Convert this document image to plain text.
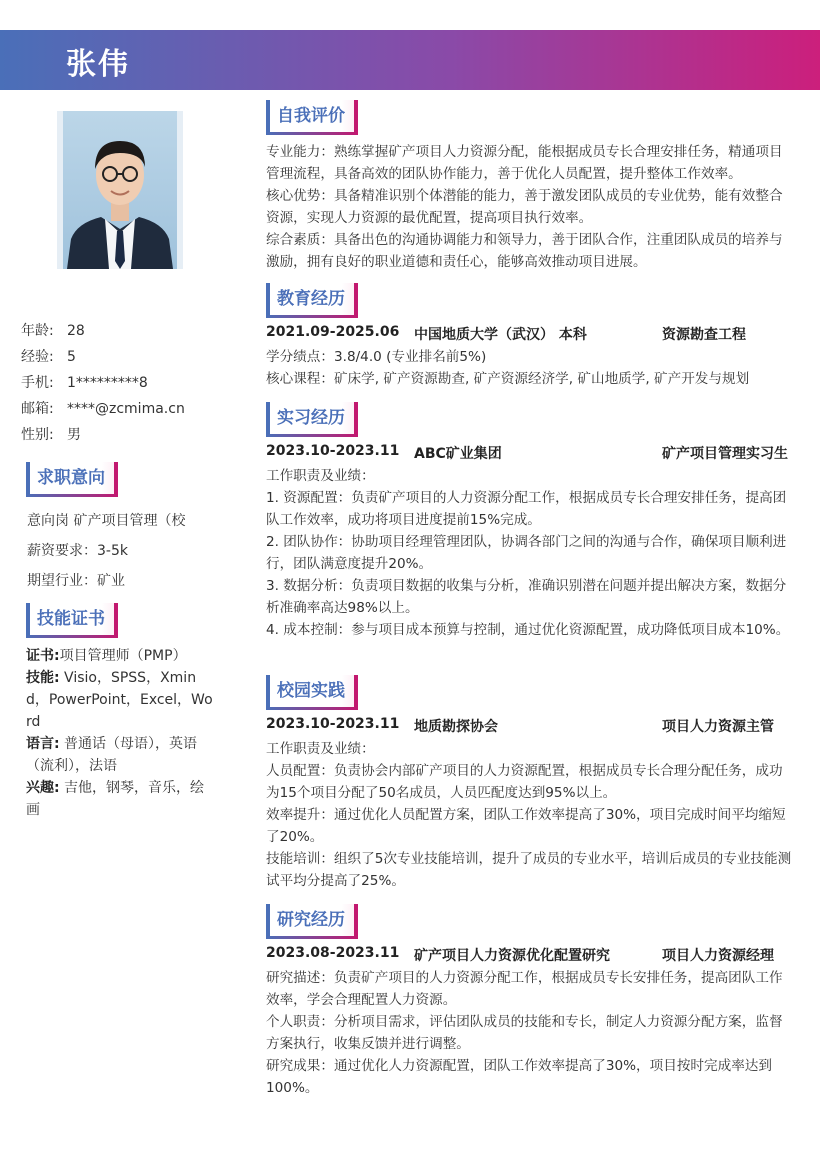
张伟
年龄: 28
经验: 5
手机: 1*********8
邮箱: ****@zcmima.cn
性别: 男
求职意向
意向岗 矿产项目管理（校
薪资要求：3-5k
期望行业：矿业
技能证书

证书:项目管理师（PMP）

技能: Visio，SPSS，Xmind，PowerPoint，Excel，Word

语言: 普通话（母语），英语（流利），法语

兴趣: 吉他，钢琴，音乐，绘画

自我评价

专业能力：熟练掌握矿产项目人力资源分配，能根据成员专长合理安排任务，精通项目管理流程，具备高效的团队协作能力，善于优化人员配置，提升整体工作效率。

核心优势：具备精准识别个体潜能的能力，善于激发团队成员的专业优势，能有效整合资源，实现人力资源的最优配置，提高项目执行效率。

综合素质：具备出色的沟通协调能力和领导力，善于团队合作，注重团队成员的培养与激励，拥有良好的职业道德和责任心，能够高效推动项目进展。

教育经历
2021.09-2025.06 中国地质大学（武汉） 本科	资源勘查工程

学分绩点：3.8/4.0 (专业排名前5%)

核心课程：矿床学, 矿产资源勘查, 矿产资源经济学, 矿山地质学, 矿产开发与规划

实习经历
2023.10-2023.11 ABC矿业集团	矿产项目管理实习生

工作职责及业绩：

1. 资源配置：负责矿产项目的人力资源分配工作，根据成员专长合理安排任务，提高团队工作效率，成功将项目进度提前15%完成。

2. 团队协作：协助项目经理管理团队，协调各部门之间的沟通与合作，确保项目顺利进行，团队满意度提升20%。

3. 数据分析：负责项目数据的收集与分析，准确识别潜在问题并提出解决方案，数据分析准确率高达98%以上。

4. 成本控制：参与项目成本预算与控制，通过优化资源配置，成功降低项目成本10%。

校园实践
2023.10-2023.11 地质勘探协会	项目人力资源主管

工作职责及业绩：

人员配置：负责协会内部矿产项目的人力资源配置，根据成员专长合理分配任务，成功为15个项目分配了50名成员，人员匹配度达到95%以上。

效率提升：通过优化人员配置方案，团队工作效率提高了30%，项目完成时间平均缩短了20%。

技能培训：组织了5次专业技能培训，提升了成员的专业水平，培训后成员的专业技能测试平均分提高了25%。

研究经历
2023.08-2023.11 矿产项目人力资源优化配置研究	项目人力资源经理

研究描述：负责矿产项目的人力资源分配工作，根据成员专长安排任务，提高团队工作效率，学会合理配置人力资源。

个人职责：分析项目需求，评估团队成员的技能和专长，制定人力资源分配方案，监督方案执行，收集反馈并进行调整。

研究成果：通过优化人力资源配置，团队工作效率提高了30%，项目按时完成率达到100%。
